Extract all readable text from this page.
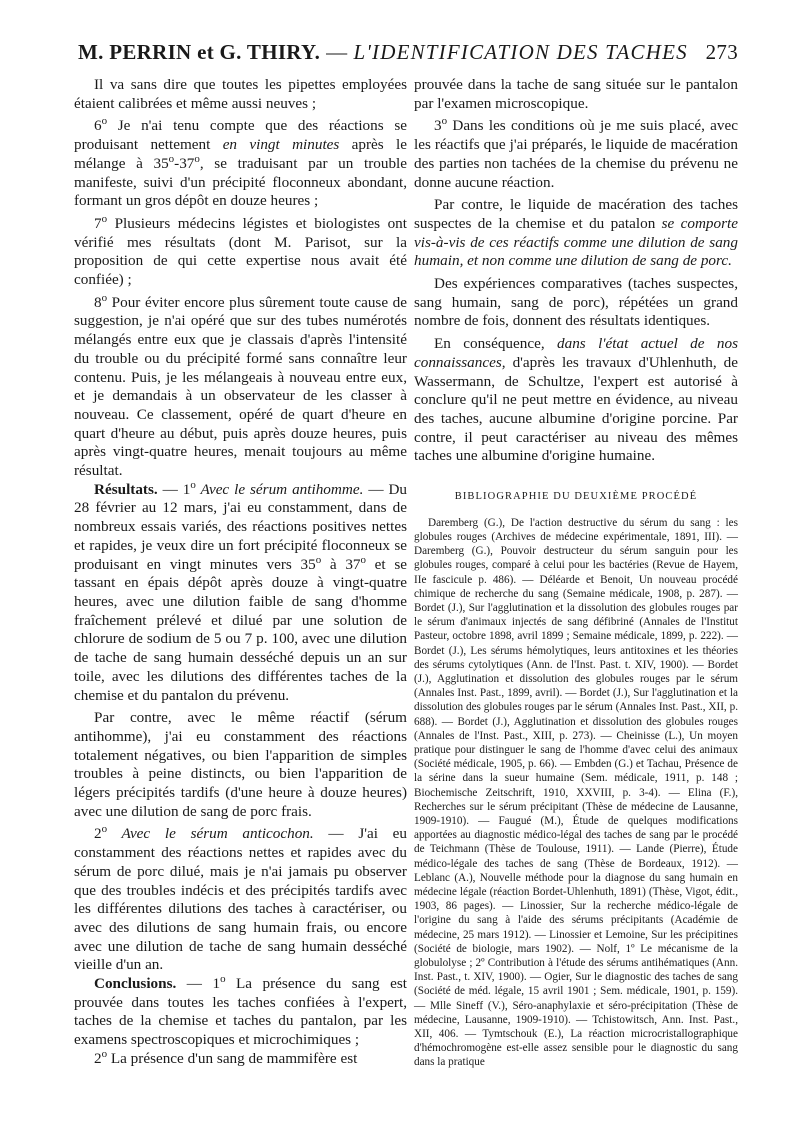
M. PERRIN et G. THIRY. — L'IDENTIFICATION DES TACHES 273

Il va sans dire que toutes les pipettes employées étaient calibrées et même aussi neuves ;

6$^o$ Je n'ai tenu compte que des réactions se produisant nettement en vingt minutes après le mélange à 35$^o$-37$^o$, se traduisant par un trouble manifeste, suivi d'un précipité floconneux abondant, formant un gros dépôt en douze heures ;

7$^o$ Plusieurs médecins légistes et biologistes ont vérifié mes résultats (dont M. Parisot, sur la proposition de qui cette expertise nous avait été confiée) ;

8$^o$ Pour éviter encore plus sûrement toute cause de suggestion, je n'ai opéré que sur des tubes numérotés mélangés entre eux que je classais d'après l'intensité du trouble ou du précipité formé sans connaître leur contenu. Puis, je les mélangeais à nouveau entre eux, et je demandais à un observateur de les classer à nouveau. Ce classement, opéré de quart d'heure en quart d'heure au début, puis après douze heures, puis après vingt-quatre heures, menait toujours au même résultat.

Résultats. — 1$^o$ Avec le sérum antihomme. — Du 28 février au 12 mars, j'ai eu constamment, dans de nombreux essais variés, des réactions positives nettes et rapides, je veux dire un fort précipité floconneux se produisant en vingt minutes vers 35$^o$ à 37$^o$ et se tassant en épais dépôt après douze à vingt-quatre heures, avec une dilution faible de sang d'homme fraîchement prélevé et dilué par une solution de chlorure de sodium de 5 ou 7 p. 100, avec une dilution de tache de sang humain desséché depuis un an sur toile, avec les dilutions des différentes taches de la chemise et du pantalon du prévenu.

Par contre, avec le même réactif (sérum antihomme), j'ai eu constamment des réactions totalement négatives, ou bien l'apparition de simples troubles à peine distincts, ou bien l'apparition de légers précipités tardifs (d'une heure à douze heures) avec une dilution de sang de porc frais.

2$^o$ Avec le sérum anticochon. — J'ai eu constamment des réactions nettes et rapides avec du sérum de porc dilué, mais je n'ai jamais pu observer que des troubles indécis et des précipités tardifs avec les différentes dilutions des taches à caractériser, ou avec des dilutions de sang humain frais, ou encore avec une dilution de tache de sang humain desséché vieille d'un an.

Conclusions. — 1$^o$ La présence du sang est prouvée dans toutes les taches confiées à l'expert, taches de la chemise et taches du pantalon, par les examens spectroscopiques et microchimiques ;

2$^o$ La présence d'un sang de mammifère est

prouvée dans la tache de sang située sur le pantalon par l'examen microscopique.

3$^o$ Dans les conditions où je me suis placé, avec les réactifs que j'ai préparés, le liquide de macération des parties non tachées de la chemise du prévenu ne donne aucune réaction.

Par contre, le liquide de macération des taches suspectes de la chemise et du patalon se comporte vis-à-vis de ces réactifs comme une dilution de sang humain, et non comme une dilution de sang de porc.

Des expériences comparatives (taches suspectes, sang humain, sang de porc), répétées un grand nombre de fois, donnent des résultats identiques.

En conséquence, dans l'état actuel de nos connaissances, d'après les travaux d'Uhlenhuth, de Wassermann, de Schultze, l'expert est autorisé à conclure qu'il ne peut mettre en évidence, au niveau des taches, aucune albumine d'origine porcine. Par contre, il peut caractériser au niveau des mêmes taches une albumine d'origine humaine.

BIBLIOGRAPHIE DU DEUXIÈME PROCÉDÉ

Daremberg (G.), De l'action destructive du sérum du sang : les globules rouges (Archives de médecine expérimentale, 1891, III). — Daremberg (G.), Pouvoir destructeur du sérum sanguin pour les globules rouges, comparé à celui pour les bactéries (Revue de Hayem, IIe fascicule p. 486). — Déléarde et Benoit, Un nouveau procédé chimique de recherche du sang (Semaine médicale, 1908, p. 287). — Bordet (J.), Sur l'agglutination et la dissolution des globules rouges par le sérum d'animaux injectés de sang défibriné (Annales de l'Institut Pasteur, octobre 1898, avril 1899 ; Semaine médicale, 1899, p. 222). — Bordet (J.), Les sérums hémolytiques, leurs antitoxines et les théories des sérums cytolytiques (Ann. de l'Inst. Past. t. XIV, 1900). — Bordet (J.), Agglutination et dissolution des globules rouges par le sérum (Annales Inst. Past., 1899, avril). — Bordet (J.), Sur l'agglutination et la dissolution des globules rouges par le sérum (Annales Inst. Past., XII, p. 688). — Bordet (J.), Agglutination et dissolution des globules rouges (Annales de l'Inst. Past., XIII, p. 273). — Cheinisse (L.), Un moyen pratique pour distinguer le sang de l'homme d'avec celui des animaux (Société médicale, 1905, p. 66). — Embden (G.) et Tachau, Présence de la sérine dans la sueur humaine (Sem. médicale, 1911, p. 148 ; Biochemische Zeitschrift, 1910, XXVIII, p. 3-4). — Elina (F.), Recherches sur le sérum précipitant (Thèse de médecine de Lausanne, 1909-1910). — Faugué (M.), Étude de quelques modifications apportées au diagnostic médico-légal des taches de sang par le procédé de Teichmann (Thèse de Toulouse, 1911). — Lande (Pierre), Étude médico-légale des taches de sang (Thèse de Bordeaux, 1912). — Leblanc (A.), Nouvelle méthode pour la diagnose du sang humain en médecine légale (réaction Bordet-Uhlenhuth, 1891) (Thèse, Vigot, édit., 1903, 86 pages). — Linossier, Sur la recherche médico-légale de l'origine du sang à l'aide des sérums précipitants (Académie de médecine, 25 mars 1912). — Linossier et Lemoine, Sur les précipitines (Société de biologie, mars 1902). — Nolf, 1º Le mécanisme de la globulolyse ; 2º Contribution à l'étude des sérums antihématiques (Ann. Inst. Past., t. XIV, 1900). — Ogier, Sur le diagnostic des taches de sang (Société de méd. légale, 15 avril 1901 ; Sem. médicale, 1901, p. 159). — Mlle Sineff (V.), Séro-anaphylaxie et séro-précipitation (Thèse de médecine, Lausanne, 1909-1910). — Tchistowitsch, Ann. Inst. Past., XII, 406. — Tymtschouk (E.), La réaction microcristallographique d'hémochromogène est-elle assez sensible pour le diagnostic du sang dans la pratique
